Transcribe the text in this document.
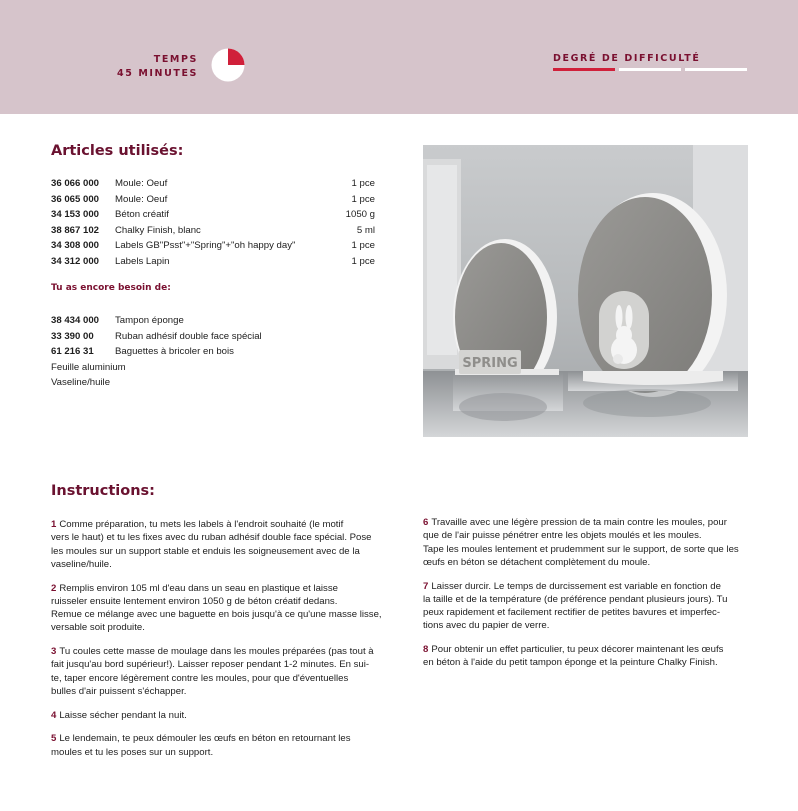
TEMPS
45 MINUTES
DEGRÉ DE DIFFICULTÉ
Articles utilisés:
36 066 000 Moule: Oeuf	1 pce
36 065 000 Moule: Oeuf	1 pce
34 153 000 Béton créatif	1050 g
38 867 102 Chalky Finish, blanc	5 ml
34 308 000 Labels GB"Psst"+"Spring"+"oh happy day"	1 pce
34 312 000 Labels Lapin	1 pce
Tu as encore besoin de:
38 434 000 Tampon éponge
33 390 00 Ruban adhésif double face spécial
61 216 31 Baguettes à bricoler en bois
Feuille aluminium
Vaseline/huile
SPRING
Instructions:
1 Comme préparation, tu mets les labels à l'endroit souhaité (le motif
vers le haut) et tu les fixes avec du ruban adhésif double face spécial. Pose
les moules sur un support stable et enduis les soigneusement avec de la
vaseline/huile.
2 Remplis environ 105 ml d'eau dans un seau en plastique et laisse
ruisseler ensuite lentement environ 1050 g de béton créatif dedans.
Remue ce mélange avec une baguette en bois jusqu'à ce qu'une masse lisse,
versable soit produite.
3 Tu coules cette masse de moulage dans les moules préparées (pas tout à
fait jusqu'au bord supérieur!). Laisser reposer pendant 1-2 minutes. En sui-
te, taper encore légèrement contre les moules, pour que d'éventuelles
bulles d'air puissent s'échapper.
4 Laisse sécher pendant la nuit.
5 Le lendemain, te peux démouler les œufs en béton en retournant les
moules et tu les poses sur un support.
6 Travaille avec une légère pression de ta main contre les moules, pour
que de l'air puisse pénétrer entre les objets moulés et les moules.
Tape les moules lentement et prudemment sur le support, de sorte que les
œufs en béton se détachent complètement du moule.
7 Laisser durcir. Le temps de durcissement est variable en fonction de
la taille et de la température (de préférence pendant plusieurs jours). Tu
peux rapidement et facilement rectifier de petites bavures et imperfec-
tions avec du papier de verre.
8 Pour obtenir un effet particulier, tu peux décorer maintenant les œufs
en béton à l'aide du petit tampon éponge et la peinture Chalky Finish.
